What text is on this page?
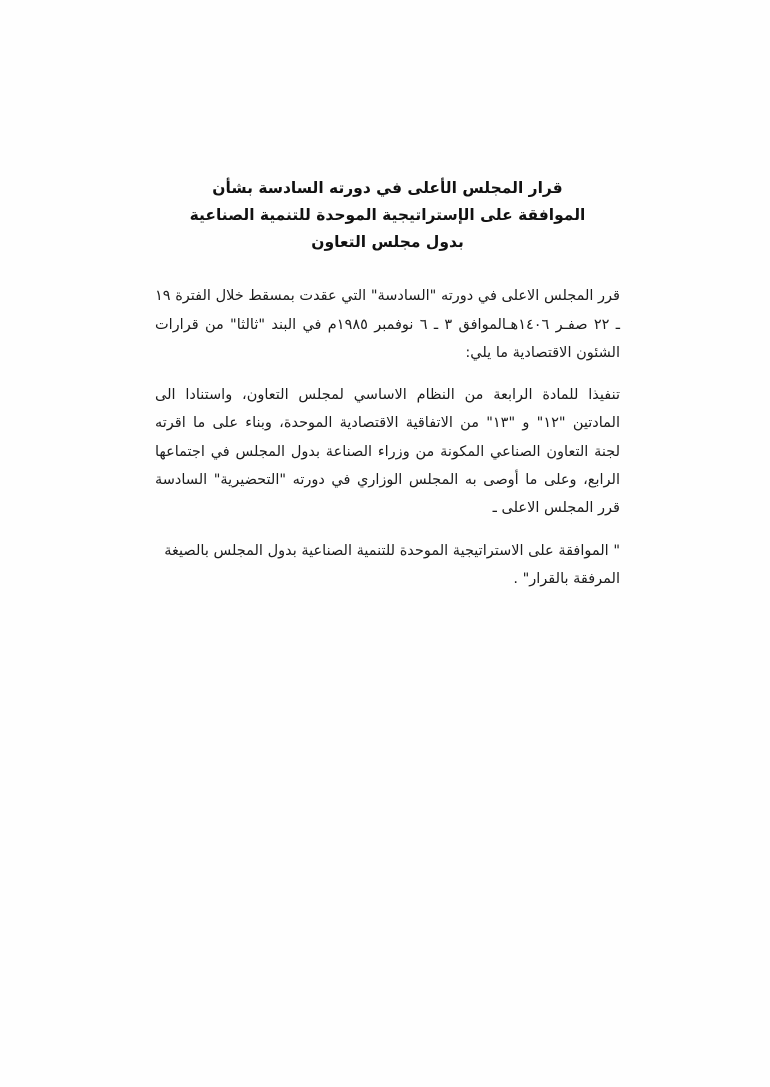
قرار المجلس الأعلى في دورته السادسة بشأن
الموافقة على الإستراتيجية الموحدة للتنمية الصناعية
بدول مجلس التعاون

قرر المجلس الاعلى في دورته "السادسة" التي عقدت بمسقط خلال الفترة ١٩ ـ ٢٢ صفـر ١٤٠٦هـالموافق ٣ ـ ٦ نوفمبر ١٩٨٥م في البند "ثالثا" من قرارات الشئون الاقتصادية ما يلي:

تنفيذا للمادة الرابعة من النظام الاساسي لمجلس التعاون، واستنادا الى المادتين "١٢" و "١٣" من الاتفاقية الاقتصادية الموحدة، وبناء على ما اقرته لجنة التعاون الصناعي المكونة من وزراء الصناعة بدول المجلس في اجتماعها الرابع، وعلى ما أوصى به المجلس الوزاري في دورته "التحضيرية" السادسة قرر المجلس الاعلى ـ

" الموافقة على الاستراتيجية الموحدة للتنمية الصناعية بدول المجلس بالصيغة
المرفقة بالقرار" .
